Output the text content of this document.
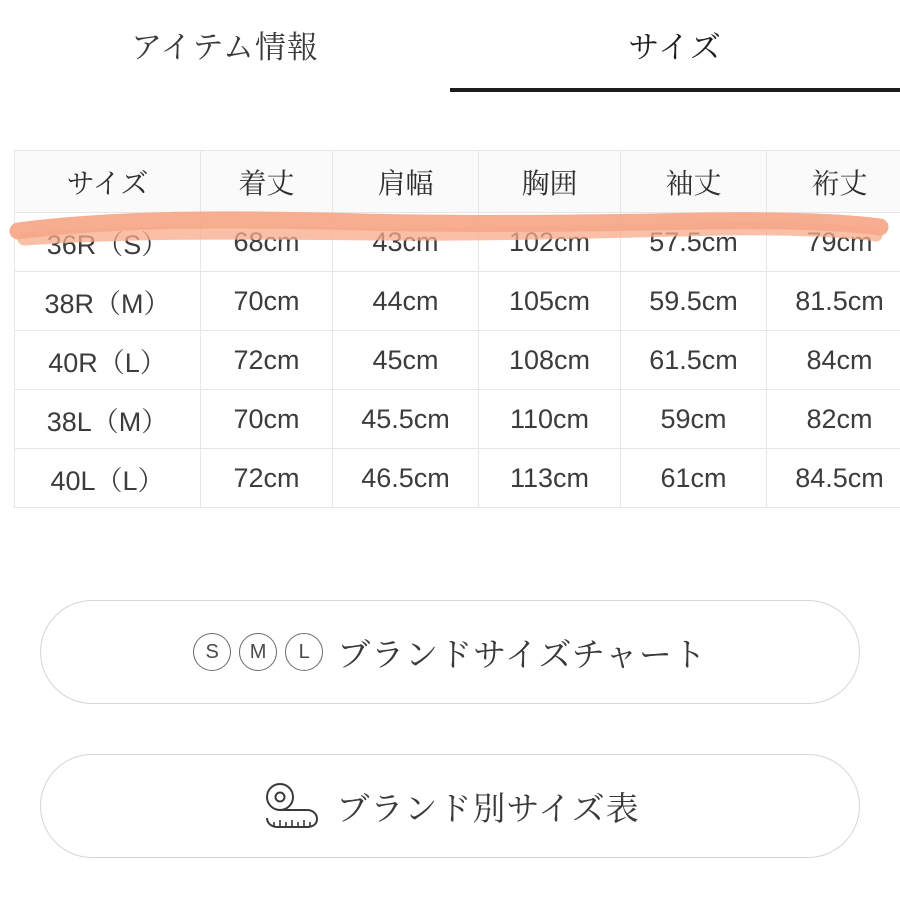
アイテム情報	サイズ
サイズ	着丈	肩幅	胸囲	袖丈	裄丈
36R（S）	68cm	43cm	102cm	57.5cm	79cm
38R（M）	70cm	44cm	105cm	59.5cm	81.5cm
40R（L）	72cm	45cm	108cm	61.5cm	84cm
38L（M）	70cm	45.5cm	110cm	59cm	82cm
40L（L）	72cm	46.5cm	113cm	61cm	84.5cm
S	M	L ブランドサイズチャート
ブランド別サイズ表
